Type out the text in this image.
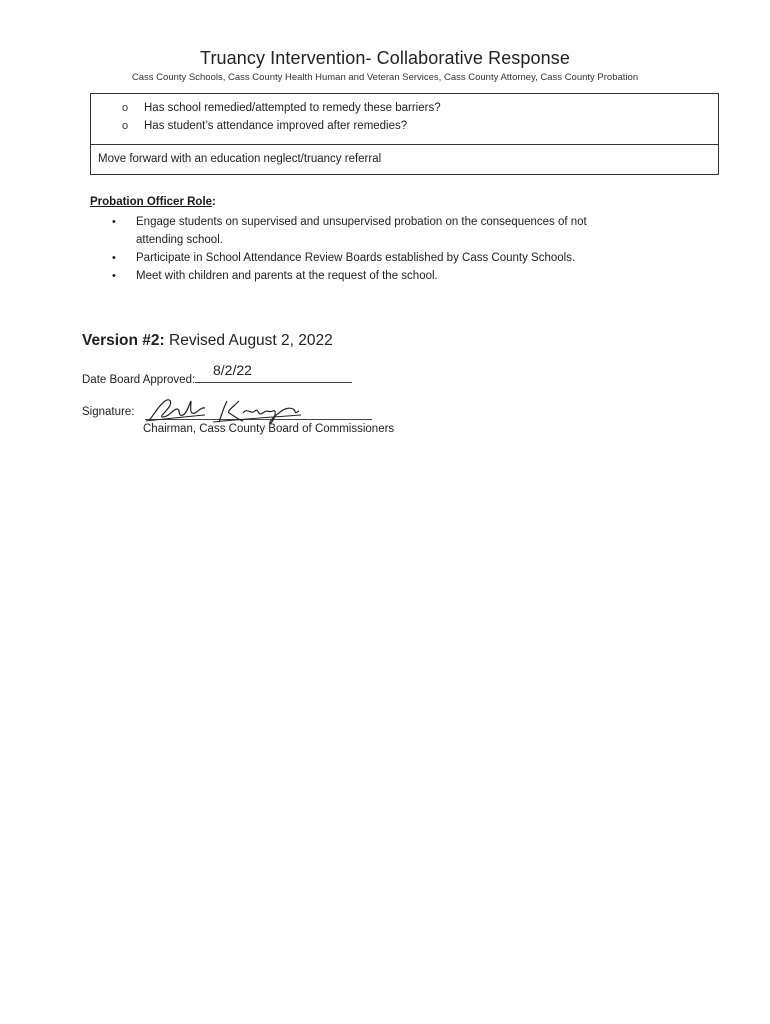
Truancy Intervention- Collaborative Response
Cass County Schools, Cass County Health Human and Veteran Services, Cass County Attorney, Cass County Probation
o	Has school remedied/attempted to remedy these barriers?
o	Has student’s attendance improved after remedies?
Move forward with an education neglect/truancy referral
Probation Officer Role:
•	Engage students on supervised and unsupervised probation on the consequences of not attending school.
•	Participate in School Attendance Review Boards established by Cass County Schools.
•	Meet with children and parents at the request of the school.
Version #2: Revised August 2, 2022
Date Board Approved:
8/2/22
Signature:
Chairman, Cass County Board of Commissioners
